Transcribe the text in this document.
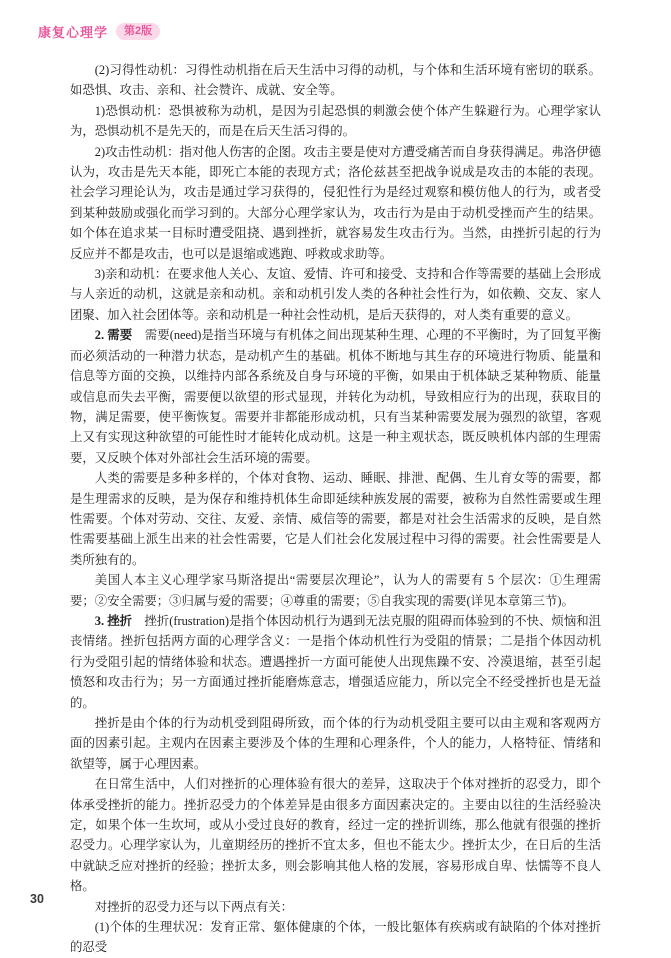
康复心理学	第2版

(2)习得性动机：习得性动机指在后天生活中习得的动机，与个体和生活环境有密切的联系。如恐惧、攻击、亲和、社会赞许、成就、安全等。

1)恐惧动机：恐惧被称为动机，是因为引起恐惧的刺激会使个体产生躲避行为。心理学家认为，恐惧动机不是先天的，而是在后天生活习得的。

2)攻击性动机：指对他人伤害的企图。攻击主要是使对方遭受痛苦而自身获得满足。弗洛伊德认为，攻击是先天本能，即死亡本能的表现方式；洛伦兹甚至把战争说成是攻击的本能的表现。社会学习理论认为，攻击是通过学习获得的，侵犯性行为是经过观察和模仿他人的行为，或者受到某种鼓励或强化而学习到的。大部分心理学家认为，攻击行为是由于动机受挫而产生的结果。如个体在追求某一目标时遭受阻挠、遇到挫折，就容易发生攻击行为。当然，由挫折引起的行为反应并不都是攻击，也可以是退缩或逃跑、呼救或求助等。

3)亲和动机：在要求他人关心、友谊、爱情、许可和接受、支持和合作等需要的基础上会形成与人亲近的动机，这就是亲和动机。亲和动机引发人类的各种社会性行为，如依赖、交友、家人团聚、加入社会团体等。亲和动机是一种社会性动机，是后天获得的，对人类有重要的意义。

2. 需要　需要(need)是指当环境与有机体之间出现某种生理、心理的不平衡时，为了回复平衡而必须活动的一种潜力状态，是动机产生的基础。机体不断地与其生存的环境进行物质、能量和信息等方面的交换，以维持内部各系统及自身与环境的平衡，如果由于机体缺乏某种物质、能量或信息而失去平衡，需要便以欲望的形式显现，并转化为动机，导致相应行为的出现，获取目的物，满足需要，使平衡恢复。需要并非都能形成动机，只有当某种需要发展为强烈的欲望，客观上又有实现这种欲望的可能性时才能转化成动机。这是一种主观状态，既反映机体内部的生理需要，又反映个体对外部社会生活环境的需要。

人类的需要是多种多样的，个体对食物、运动、睡眠、排泄、配偶、生儿育女等的需要，都是生理需求的反映，是为保存和维持机体生命即延续种族发展的需要，被称为自然性需要或生理性需要。个体对劳动、交往、友爱、亲情、威信等的需要，都是对社会生活需求的反映，是自然性需要基础上派生出来的社会性需要，它是人们社会化发展过程中习得的需要。社会性需要是人类所独有的。

美国人本主义心理学家马斯洛提出“需要层次理论”，认为人的需要有 5 个层次：①生理需要；②安全需要；③归属与爱的需要；④尊重的需要；⑤自我实现的需要(详见本章第三节)。

3. 挫折　挫折(frustration)是指个体因动机行为遇到无法克服的阻碍而体验到的不快、烦恼和沮丧情绪。挫折包括两方面的心理学含义：一是指个体动机性行为受阻的情景；二是指个体因动机行为受阻引起的情绪体验和状态。遭遇挫折一方面可能使人出现焦躁不安、冷漠退缩，甚至引起愤怒和攻击行为；另一方面通过挫折能磨炼意志，增强适应能力，所以完全不经受挫折也是无益的。

挫折是由个体的行为动机受到阻碍所致，而个体的行为动机受阻主要可以由主观和客观两方面的因素引起。主观内在因素主要涉及个体的生理和心理条件，个人的能力，人格特征、情绪和欲望等，属于心理因素。

在日常生活中，人们对挫折的心理体验有很大的差异，这取决于个体对挫折的忍受力，即个体承受挫折的能力。挫折忍受力的个体差异是由很多方面因素决定的。主要由以往的生活经验决定，如果个体一生坎坷，或从小受过良好的教育，经过一定的挫折训练，那么他就有很强的挫折忍受力。心理学家认为，儿童期经历的挫折不宜太多，但也不能太少。挫折太少，在日后的生活中就缺乏应对挫折的经验；挫折太多，则会影响其他人格的发展，容易形成自卑、怯懦等不良人格。

对挫折的忍受力还与以下两点有关：

(1)个体的生理状况：发育正常、躯体健康的个体，一般比躯体有疾病或有缺陷的个体对挫折的忍受

30
